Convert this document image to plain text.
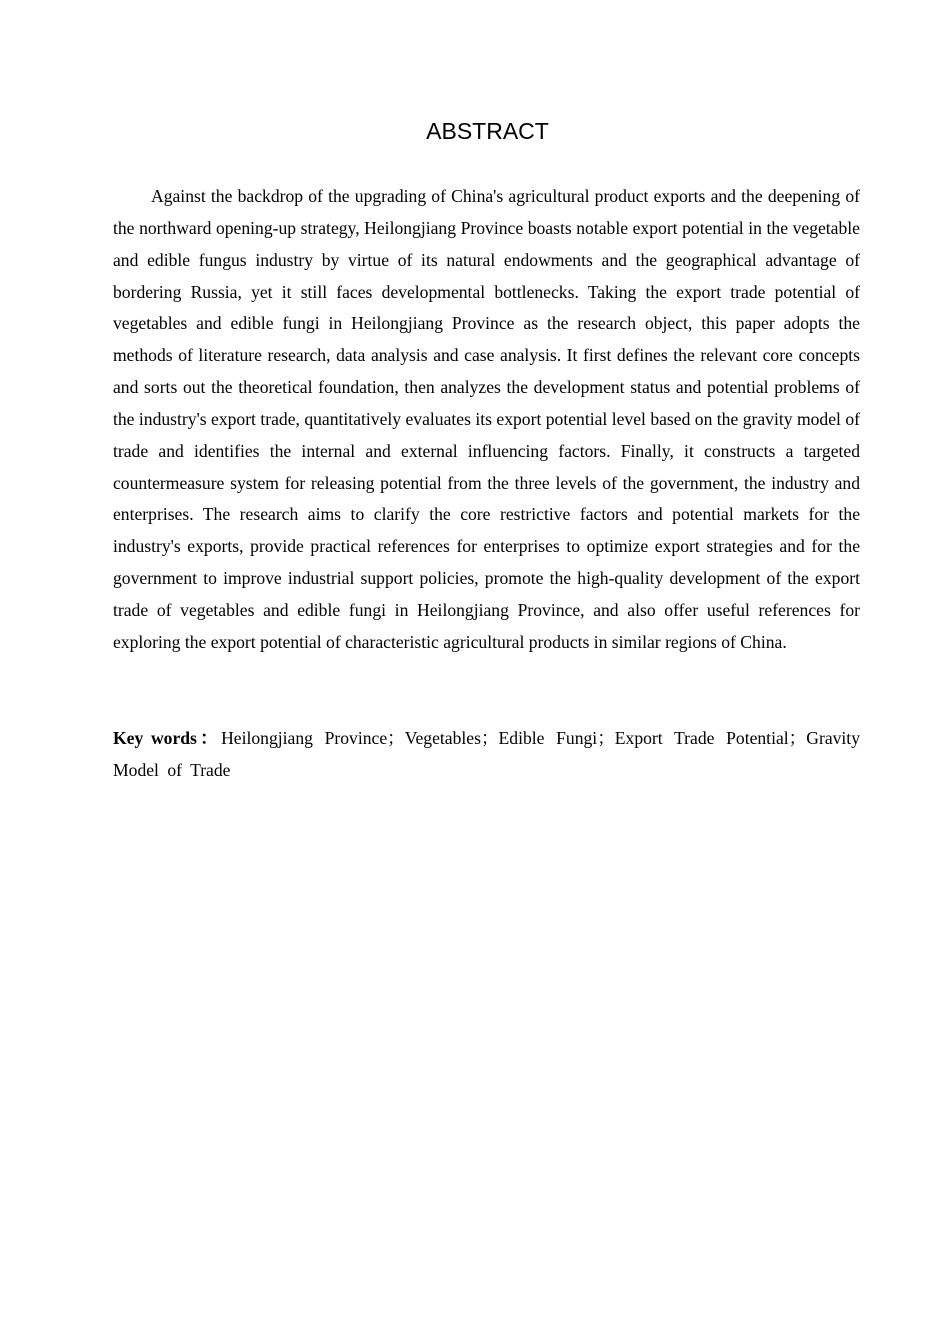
ABSTRACT

Against the backdrop of the upgrading of China's agricultural product exports and the deepening of the northward opening-up strategy, Heilongjiang Province boasts notable export potential in the vegetable and edible fungus industry by virtue of its natural endowments and the geographical advantage of bordering Russia, yet it still faces developmental bottlenecks. Taking the export trade potential of vegetables and edible fungi in Heilongjiang Province as the research object, this paper adopts the methods of literature research, data analysis and case analysis. It first defines the relevant core concepts and sorts out the theoretical foundation, then analyzes the development status and potential problems of the industry's export trade, quantitatively evaluates its export potential level based on the gravity model of trade and identifies the internal and external influencing factors. Finally, it constructs a targeted countermeasure system for releasing potential from the three levels of the government, the industry and enterprises. The research aims to clarify the core restrictive factors and potential markets for the industry's exports, provide practical references for enterprises to optimize export strategies and for the government to improve industrial support policies, promote the high-quality development of the export trade of vegetables and edible fungi in Heilongjiang Province, and also offer useful references for exploring the export potential of characteristic agricultural products in similar regions of China.

Key words：Heilongjiang Province；Vegetables；Edible Fungi；Export Trade Potential；Gravity Model of Trade
